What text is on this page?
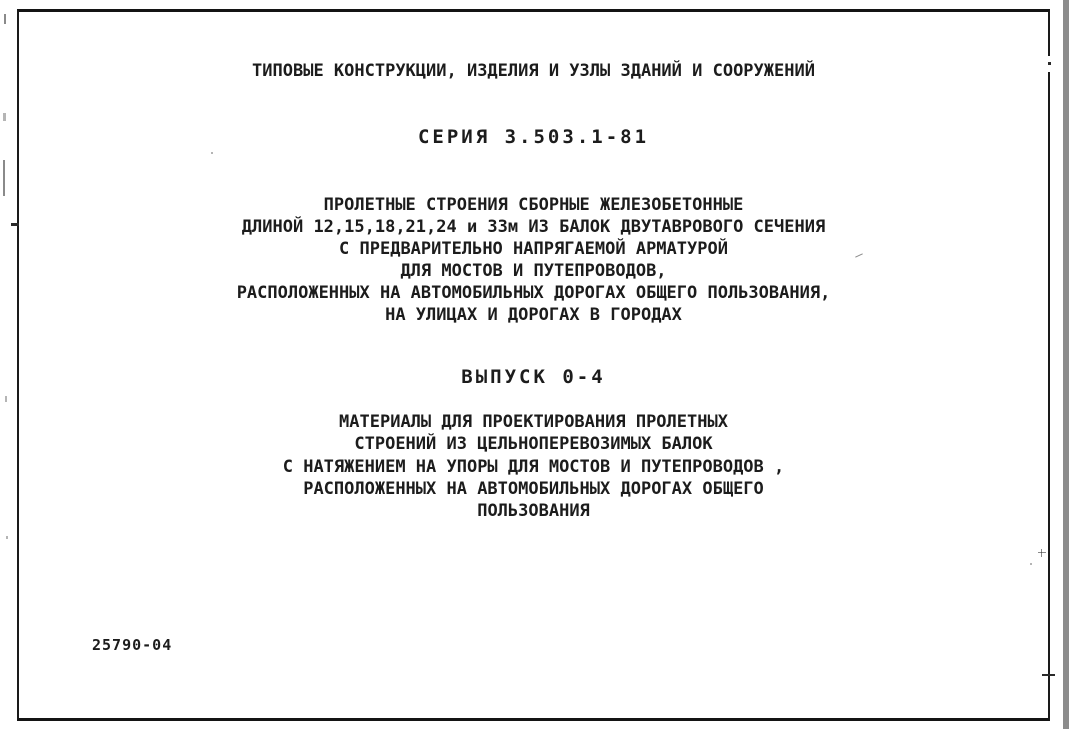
ТИПОВЫЕ КОНСТРУКЦИИ, ИЗДЕЛИЯ И УЗЛЫ ЗДАНИЙ И СООРУЖЕНИЙ
СЕРИЯ 3.503.1-81
ПРОЛЕТНЫЕ СТРОЕНИЯ СБОРНЫЕ ЖЕЛЕЗОБЕТОННЫЕ
ДЛИНОЙ 12,15,18,21,24 и 33м ИЗ БАЛОК ДВУТАВРОВОГО СЕЧЕНИЯ
С ПРЕДВАРИТЕЛЬНО НАПРЯГАЕМОЙ АРМАТУРОЙ
ДЛЯ МОСТОВ И ПУТЕПРОВОДОВ,
РАСПОЛОЖЕННЫХ НА АВТОМОБИЛЬНЫХ ДОРОГАХ ОБЩЕГО ПОЛЬЗОВАНИЯ,
НА УЛИЦАХ И ДОРОГАХ В ГОРОДАХ
ВЫПУСК 0-4
МАТЕРИАЛЫ ДЛЯ ПРОЕКТИРОВАНИЯ ПРОЛЕТНЫХ
СТРОЕНИЙ ИЗ ЦЕЛЬНОПЕРЕВОЗИМЫХ БАЛОК
С НАТЯЖЕНИЕМ НА УПОРЫ ДЛЯ МОСТОВ И ПУТЕПРОВОДОВ ,
РАСПОЛОЖЕННЫХ НА АВТОМОБИЛЬНЫХ ДОРОГАХ ОБЩЕГО
ПОЛЬЗОВАНИЯ
25790-04
